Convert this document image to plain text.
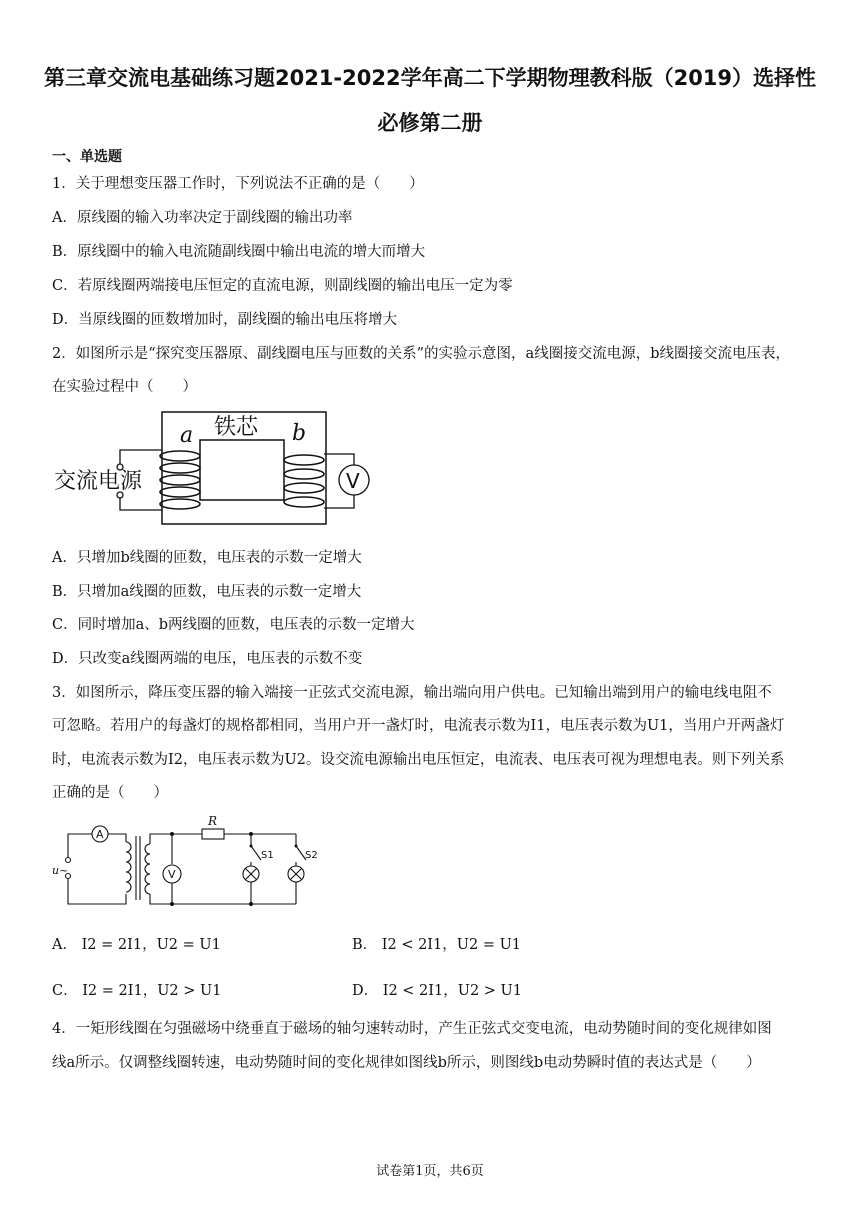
第三章交流电基础练习题2021-2022学年高二下学期物理教科版（2019）选择性
必修第二册
一、单选题
1．关于理想变压器工作时，下列说法不正确的是（　　）
A．原线圈的输入功率决定于副线圈的输出功率
B．原线圈中的输入电流随副线圈中输出电流的增大而增大
C．若原线圈两端接电压恒定的直流电源，则副线圈的输出电压一定为零
D．当原线圈的匝数增加时，副线圈的输出电压将增大
2．如图所示是“探究变压器原、副线圈电压与匝数的关系”的实验示意图，a线圈接交流电源，b线圈接交流电压表，
在实验过程中（　　）
铁芯
a	b
交流电源	V
A．只增加b线圈的匝数，电压表的示数一定增大
B．只增加a线圈的匝数，电压表的示数一定增大
C．同时增加a、b两线圈的匝数，电压表的示数一定增大
D．只改变a线圈两端的电压，电压表的示数不变
3．如图所示，降压变压器的输入端接一正弦式交流电源，输出端向用户供电。已知输出端到用户的输电线电阻不
可忽略。若用户的每盏灯的规格都相同，当用户开一盏灯时，电流表示数为I1，电压表示数为U1，当用户开两盏灯
时，电流表示数为I2，电压表示数为U2。设交流电源输出电压恒定，电流表、电压表可视为理想电表。则下列关系
正确的是（　　）
A
V
R
S1	S2
u~
A． I2 = 2I1，U2 = U1	B． I2 < 2I1，U2 = U1
C． I2 = 2I1，U2 > U1	D． I2 < 2I1，U2 > U1
4．一矩形线圈在匀强磁场中绕垂直于磁场的轴匀速转动时，产生正弦式交变电流，电动势随时间的变化规律如图
线a所示。仅调整线圈转速，电动势随时间的变化规律如图线b所示，则图线b电动势瞬时值的表达式是（　　）
试卷第1页，共6页
